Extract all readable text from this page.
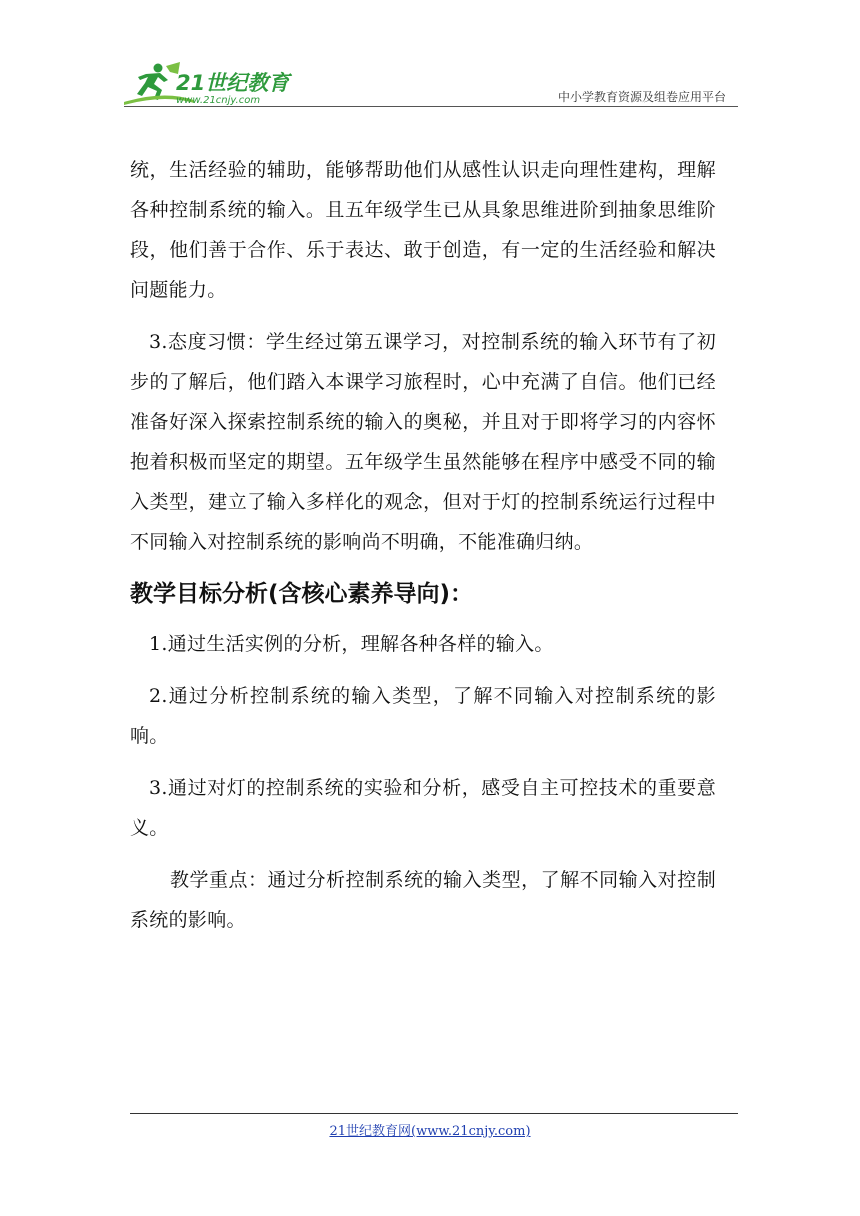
21世纪教育
www.21cnjy.com	中小学教育资源及组卷应用平台

统，生活经验的辅助，能够帮助他们从感性认识走向理性建构，理解各种控制系统的输入。且五年级学生已从具象思维进阶到抽象思维阶段，他们善于合作、乐于表达、敢于创造，有一定的生活经验和解决问题能力。

3.态度习惯：学生经过第五课学习，对控制系统的输入环节有了初步的了解后，他们踏入本课学习旅程时，心中充满了自信。他们已经准备好深入探索控制系统的输入的奥秘，并且对于即将学习的内容怀抱着积极而坚定的期望。五年级学生虽然能够在程序中感受不同的输入类型，建立了输入多样化的观念，但对于灯的控制系统运行过程中不同输入对控制系统的影响尚不明确，不能准确归纳。

教学目标分析(含核心素养导向)：

1.通过生活实例的分析，理解各种各样的输入。

2.通过分析控制系统的输入类型，了解不同输入对控制系统的影响。

3.通过对灯的控制系统的实验和分析，感受自主可控技术的重要意义。

教学重点：通过分析控制系统的输入类型，了解不同输入对控制系统的影响。

21世纪教育网(www.21cnjy.com)
